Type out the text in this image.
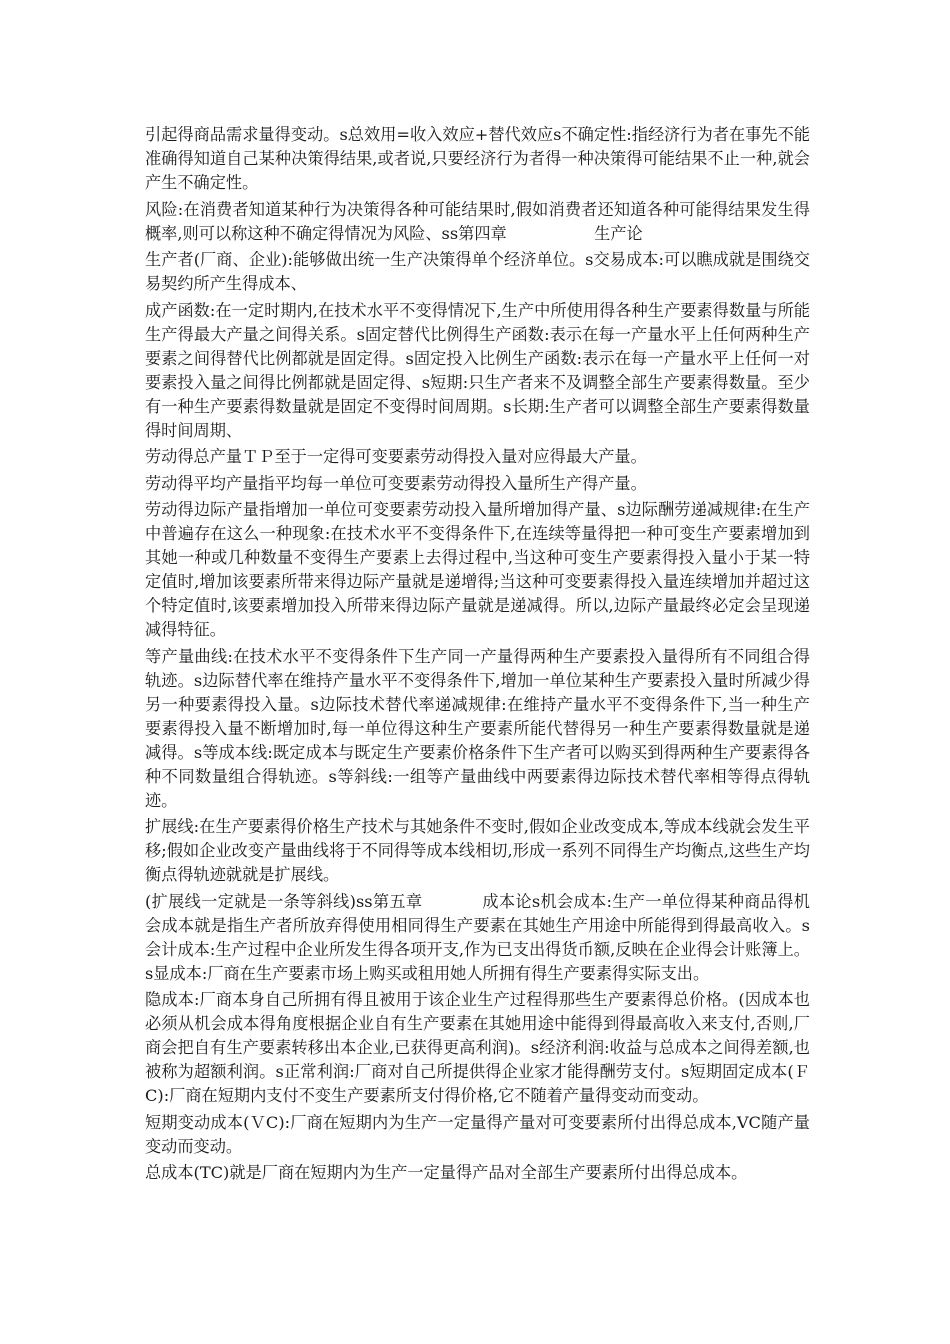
引起得商品需求量得变动。ѕ总效用=收入效应+替代效应ѕ不确定性:指经济行为者在事先不能准确得知道自己某种决策得结果,或者说,只要经济行为者得一种决策得可能结果不止一种,就会产生不确定性。

风险:在消费者知道某种行为决策得各种可能结果时,假如消费者还知道各种可能得结果发生得概率,则可以称这种不确定得情况为风险、ѕѕ第四章                 生产论

生产者(厂商、企业):能够做出统一生产决策得单个经济单位。ѕ交易成本:可以瞧成就是围绕交易契约所产生得成本、

成产函数:在一定时期内,在技术水平不变得情况下,生产中所使用得各种生产要素得数量与所能生产得最大产量之间得关系。ѕ固定替代比例得生产函数:表示在每一产量水平上任何两种生产要素之间得替代比例都就是固定得。ѕ固定投入比例生产函数:表示在每一产量水平上任何一对要素投入量之间得比例都就是固定得、ѕ短期:只生产者来不及调整全部生产要素得数量。至少有一种生产要素得数量就是固定不变得时间周期。ѕ长期:生产者可以调整全部生产要素得数量得时间周期、

劳动得总产量ＴＰ至于一定得可变要素劳动得投入量对应得最大产量。

劳动得平均产量指平均每一单位可变要素劳动得投入量所生产得产量。

劳动得边际产量指增加一单位可变要素劳动投入量所增加得产量、ѕ边际酬劳递减规律:在生产中普遍存在这么一种现象:在技术水平不变得条件下,在连续等量得把一种可变生产要素增加到其她一种或几种数量不变得生产要素上去得过程中,当这种可变生产要素得投入量小于某一特定值时,增加该要素所带来得边际产量就是递增得;当这种可变要素得投入量连续增加并超过这个特定值时,该要素增加投入所带来得边际产量就是递减得。所以,边际产量最终必定会呈现递减得特征。

等产量曲线:在技术水平不变得条件下生产同一产量得两种生产要素投入量得所有不同组合得轨迹。ѕ边际替代率在维持产量水平不变得条件下,增加一单位某种生产要素投入量时所减少得另一种要素得投入量。ѕ边际技术替代率递减规律:在维持产量水平不变得条件下,当一种生产要素得投入量不断增加时,每一单位得这种生产要素所能代替得另一种生产要素得数量就是递减得。ѕ等成本线:既定成本与既定生产要素价格条件下生产者可以购买到得两种生产要素得各种不同数量组合得轨迹。ѕ等斜线:一组等产量曲线中两要素得边际技术替代率相等得点得轨迹。

扩展线:在生产要素得价格生产技术与其她条件不变时,假如企业改变成本,等成本线就会发生平移;假如企业改变产量曲线将于不同得等成本线相切,形成一系列不同得生产均衡点,这些生产均衡点得轨迹就就是扩展线。

(扩展线一定就是一条等斜线)ѕѕ第五章           成本论ѕ机会成本:生产一单位得某种商品得机会成本就是指生产者所放弃得使用相同得生产要素在其她生产用途中所能得到得最高收入。ѕ会计成本:生产过程中企业所发生得各项开支,作为已支出得货币额,反映在企业得会计账簿上。ѕ显成本:厂商在生产要素市场上购买或租用她人所拥有得生产要素得实际支出。

隐成本:厂商本身自己所拥有得且被用于该企业生产过程得那些生产要素得总价格。(因成本也必须从机会成本得角度根据企业自有生产要素在其她用途中能得到得最高收入来支付,否则,厂商会把自有生产要素转移出本企业,已获得更高利润)。ѕ经济利润:收益与总成本之间得差额,也被称为超额利润。ѕ正常利润:厂商对自己所提供得企业家才能得酬劳支付。ѕ短期固定成本(ＦC):厂商在短期内支付不变生产要素所支付得价格,它不随着产量得变动而变动。

短期变动成本(ＶC):厂商在短期内为生产一定量得产量对可变要素所付出得总成本,VC随产量变动而变动。

总成本(TC)就是厂商在短期内为生产一定量得产品对全部生产要素所付出得总成本。
